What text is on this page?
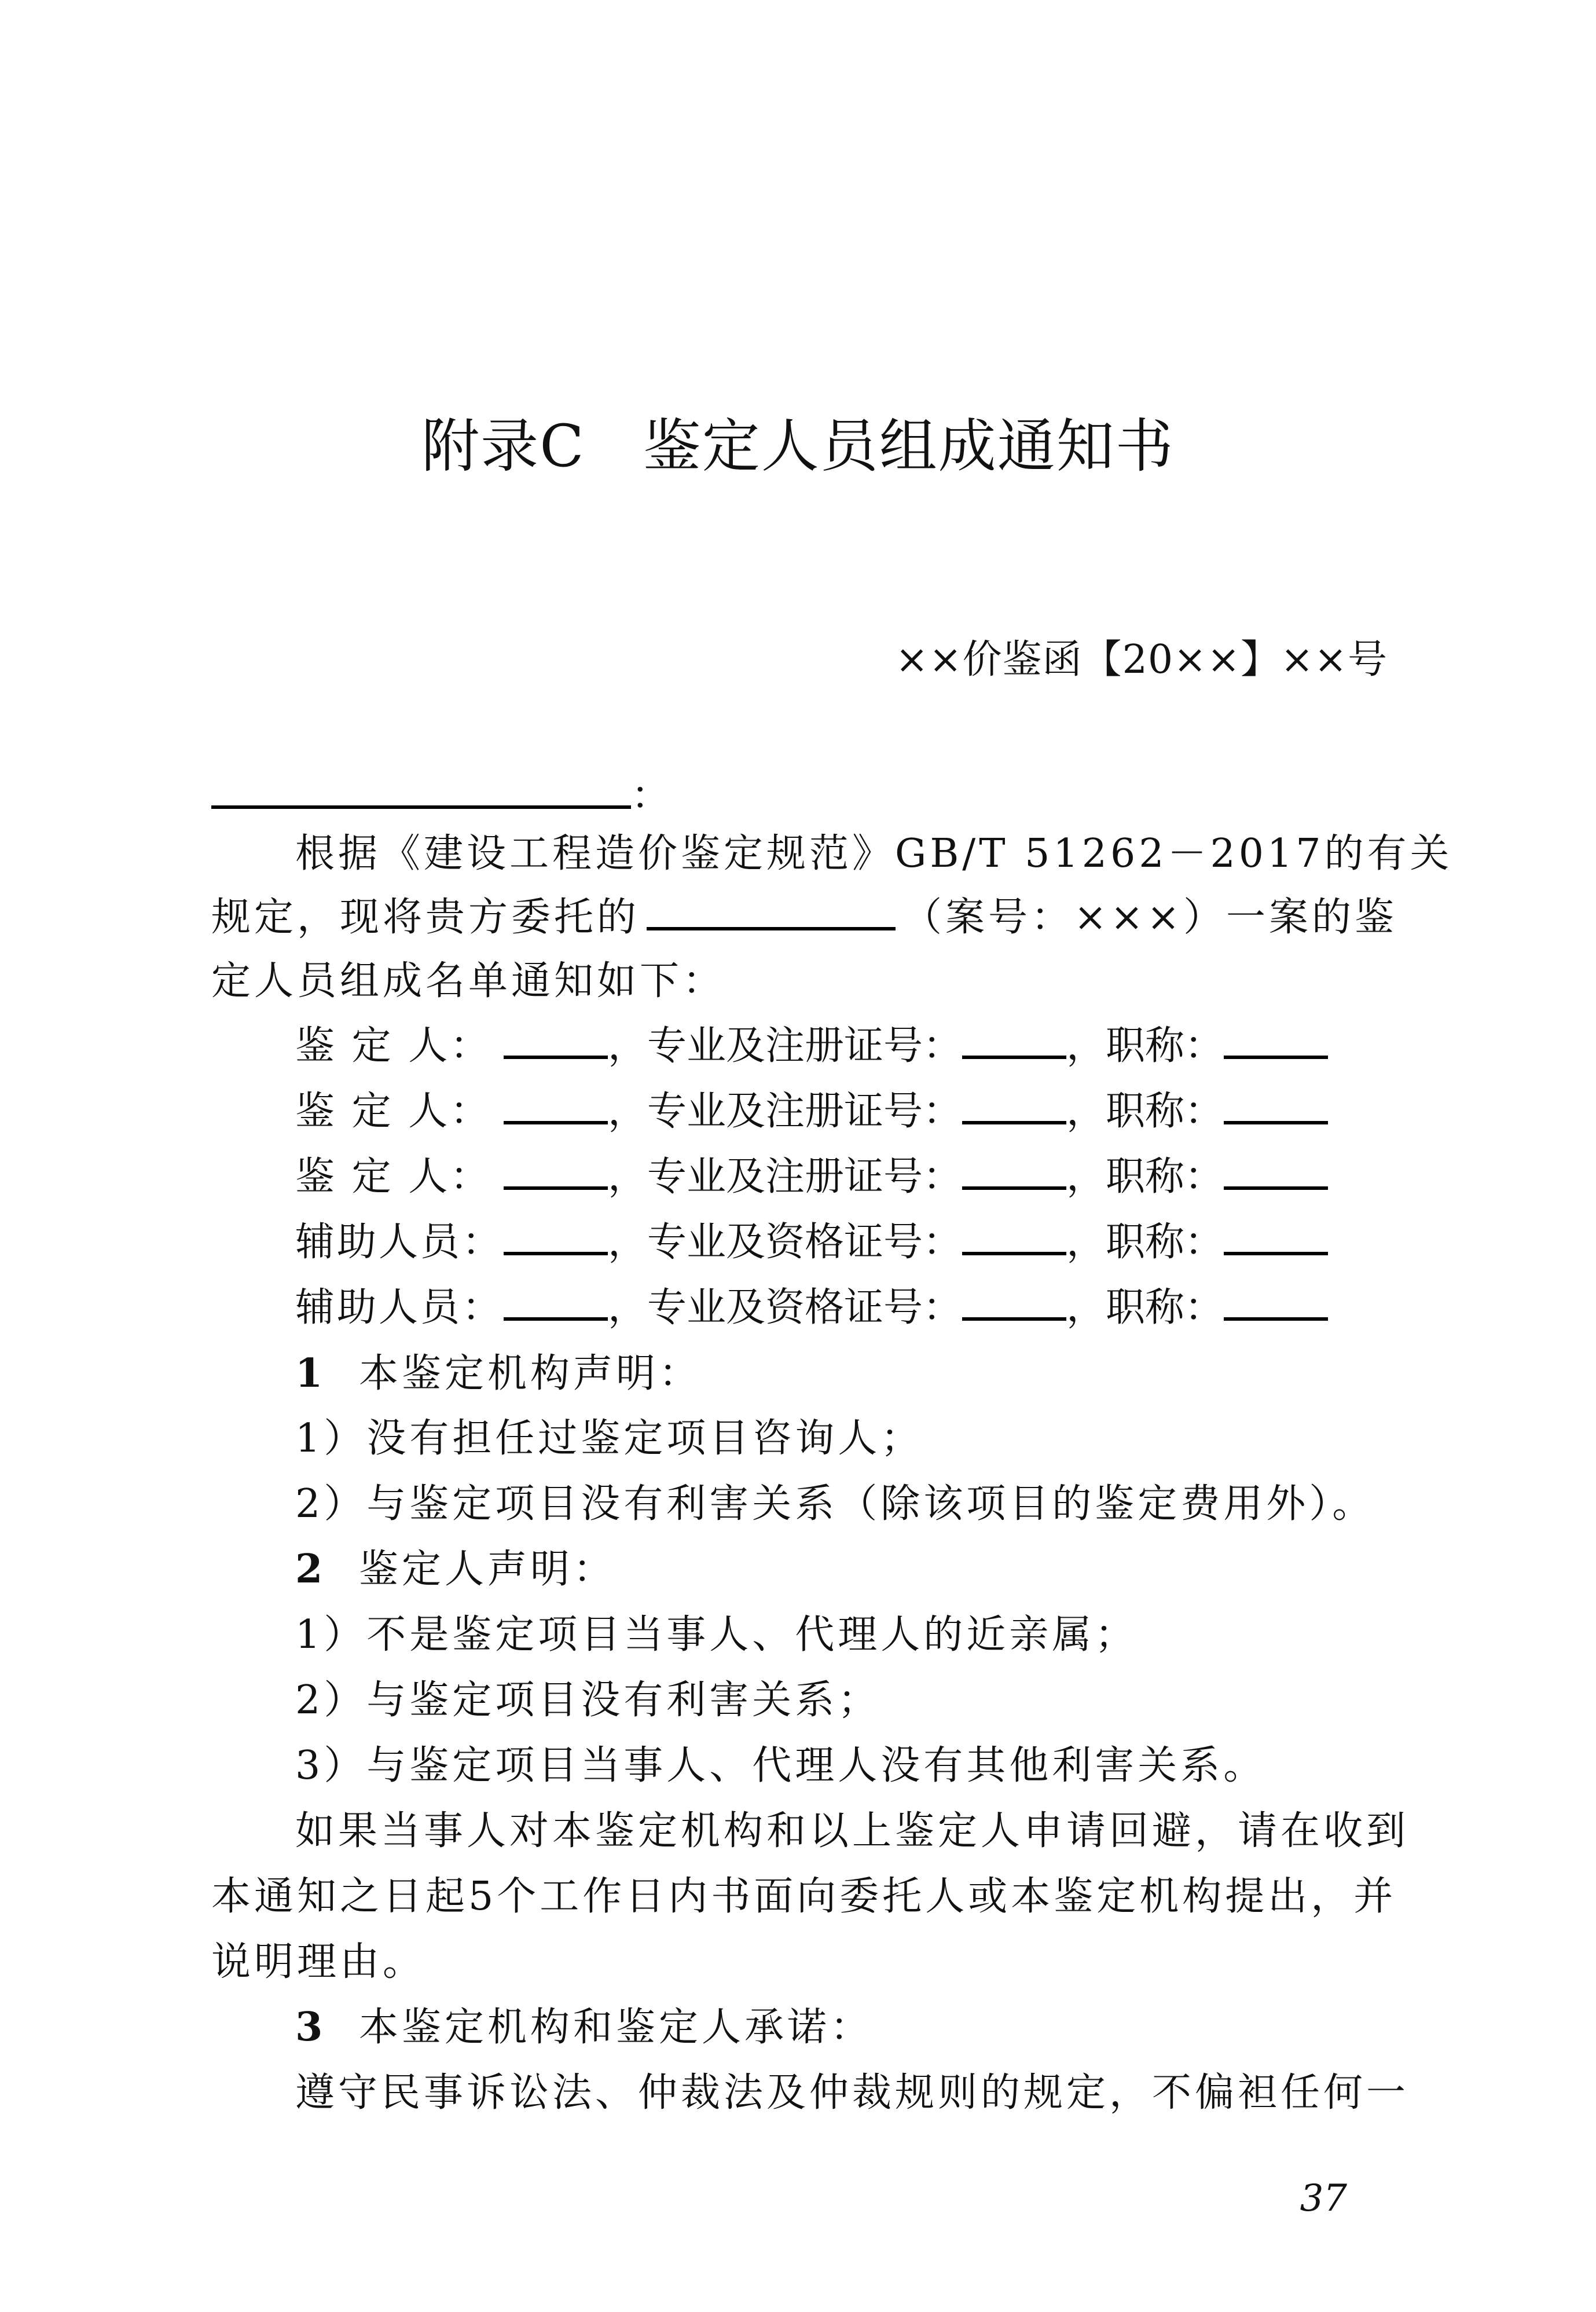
附录C 鉴定人员组成通知书
××价鉴函【20××】××号
：
根据《建设工程造价鉴定规范》GB/T 51262－2017的有关
规定，现将贵方委托的	（案号：×××）一案的鉴
定人员组成名单通知如下：
鉴 定 人：	，专业及注册证号：	，职称：
鉴 定 人：	，专业及注册证号：	，职称：
鉴 定 人：	，专业及注册证号：	，职称：
辅助人员：	，专业及资格证号：	，职称：
辅助人员：	，专业及资格证号：	，职称：
1 本鉴定机构声明：
1）没有担任过鉴定项目咨询人；
2）与鉴定项目没有利害关系（除该项目的鉴定费用外）。
2 鉴定人声明：
1）不是鉴定项目当事人、代理人的近亲属；
2）与鉴定项目没有利害关系；
3）与鉴定项目当事人、代理人没有其他利害关系。
如果当事人对本鉴定机构和以上鉴定人申请回避，请在收到
本通知之日起5个工作日内书面向委托人或本鉴定机构提出，并
说明理由。
3 本鉴定机构和鉴定人承诺：
遵守民事诉讼法、仲裁法及仲裁规则的规定，不偏袒任何一
37
